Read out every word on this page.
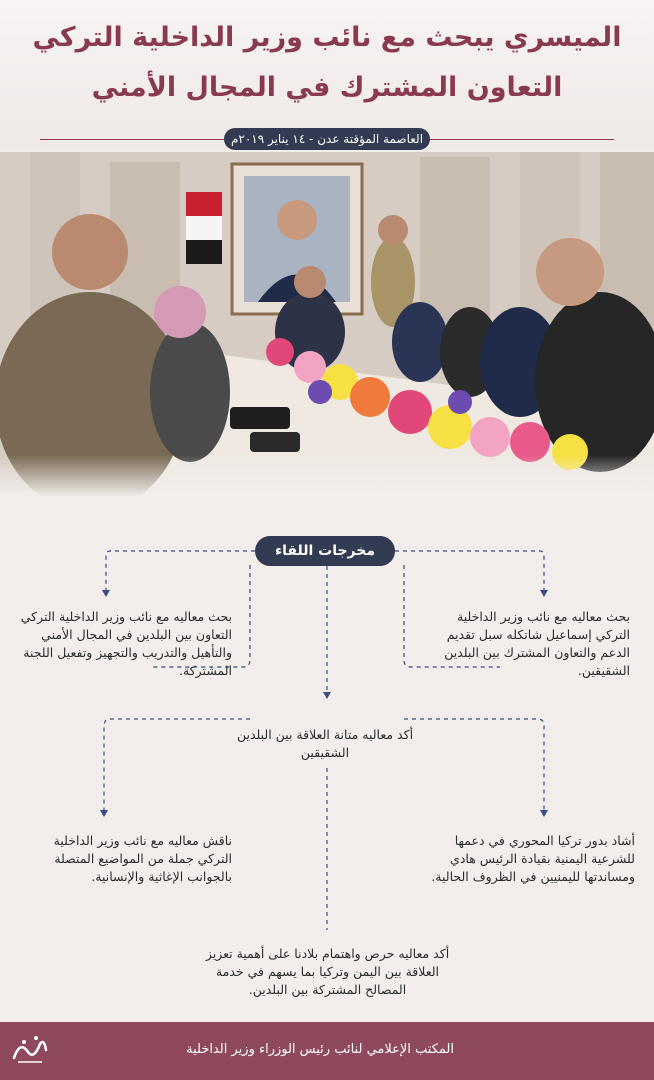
الميسري يبحث مع نائب وزير الداخلية التركي
التعاون المشترك في المجال الأمني
العاصمة المؤقتة عدن - ١٤ يناير ٢٠١٩م
مخرجات اللقاء
بحث معاليه مع نائب وزير الداخلية التركي إسماعيل شاتكله سبل تقديم الدعم والتعاون المشترك بين البلدين الشقيقين.
بحث معاليه مع نائب وزير الداخلية التركي التعاون بين البلدين في المجال الأمني والتأهيل والتدريب والتجهيز وتفعيل اللجنة المشتركة.
أكد معاليه متانة العلاقة بين البلدين الشقيقين
ناقش معاليه مع نائب وزير الداخلية التركي جملة من المواضيع المتصلة بالجوانب الإغاثية والإنسانية.
أشاد بدور تركيا المحوري في دعمها للشرعية اليمنية بقيادة الرئيس هادي ومساندتها لليمنيين في الظروف الحالية.
أكد معاليه حرص واهتمام بلادنا على أهمية تعزيز العلاقة بين اليمن وتركيا بما يسهم في خدمة المصالح المشتركة بين البلدين.
المكتب الإعلامي لنائب رئيس الوزراء وزير الداخلية
